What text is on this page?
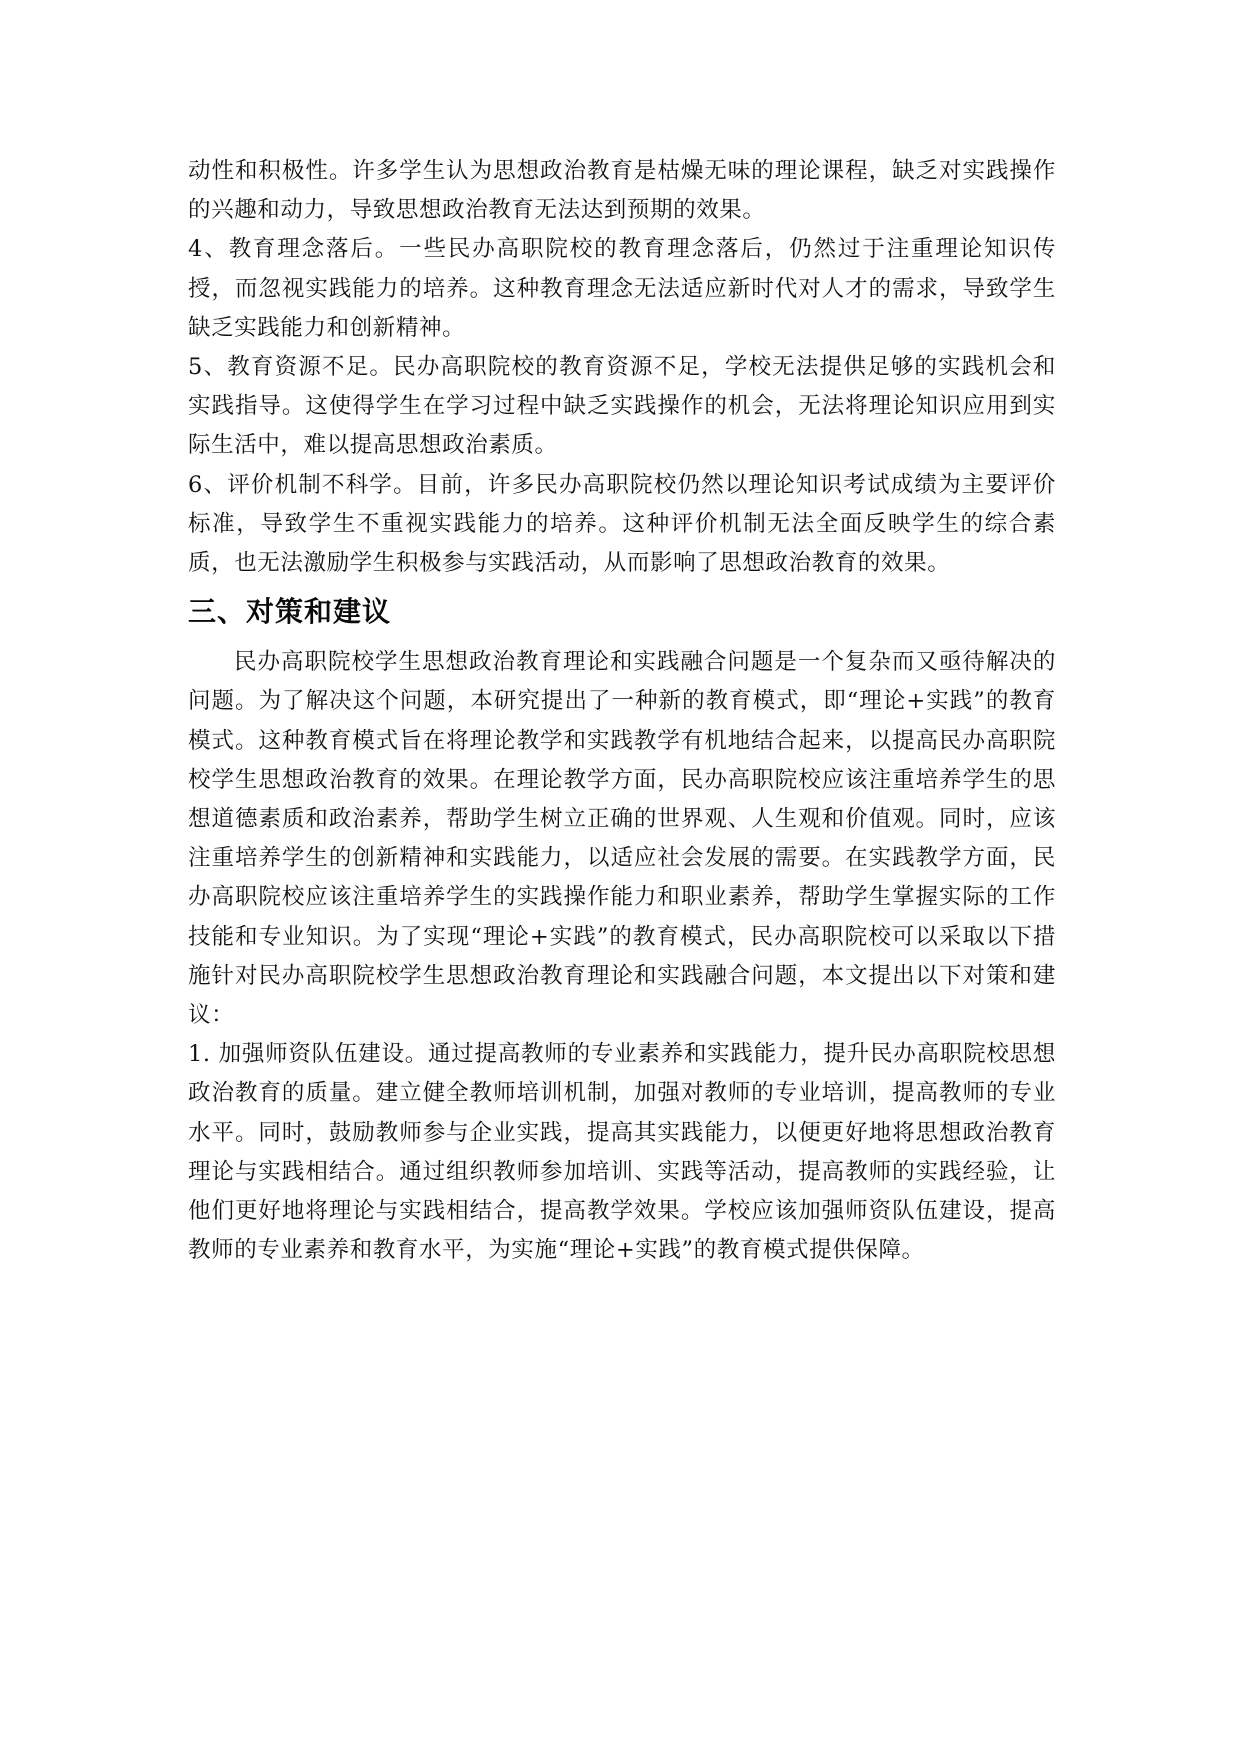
动性和积极性。许多学生认为思想政治教育是枯燥无味的理论课程，缺乏对实践操作的兴趣和动力，导致思想政治教育无法达到预期的效果。

4、教育理念落后。一些民办高职院校的教育理念落后，仍然过于注重理论知识传授，而忽视实践能力的培养。这种教育理念无法适应新时代对人才的需求，导致学生缺乏实践能力和创新精神。

5、教育资源不足。民办高职院校的教育资源不足，学校无法提供足够的实践机会和实践指导。这使得学生在学习过程中缺乏实践操作的机会，无法将理论知识应用到实际生活中，难以提高思想政治素质。

6、评价机制不科学。目前，许多民办高职院校仍然以理论知识考试成绩为主要评价标准，导致学生不重视实践能力的培养。这种评价机制无法全面反映学生的综合素质，也无法激励学生积极参与实践活动，从而影响了思想政治教育的效果。

三、对策和建议

民办高职院校学生思想政治教育理论和实践融合问题是一个复杂而又亟待解决的问题。为了解决这个问题，本研究提出了一种新的教育模式，即“理论+实践”的教育模式。这种教育模式旨在将理论教学和实践教学有机地结合起来，以提高民办高职院校学生思想政治教育的效果。在理论教学方面，民办高职院校应该注重培养学生的思想道德素质和政治素养，帮助学生树立正确的世界观、人生观和价值观。同时，应该注重培养学生的创新精神和实践能力，以适应社会发展的需要。在实践教学方面，民办高职院校应该注重培养学生的实践操作能力和职业素养，帮助学生掌握实际的工作技能和专业知识。为了实现“理论+实践”的教育模式，民办高职院校可以采取以下措施针对民办高职院校学生思想政治教育理论和实践融合问题，本文提出以下对策和建议：

1. 加强师资队伍建设。通过提高教师的专业素养和实践能力，提升民办高职院校思想政治教育的质量。建立健全教师培训机制，加强对教师的专业培训，提高教师的专业水平。同时，鼓励教师参与企业实践，提高其实践能力，以便更好地将思想政治教育理论与实践相结合。通过组织教师参加培训、实践等活动，提高教师的实践经验，让他们更好地将理论与实践相结合，提高教学效果。学校应该加强师资队伍建设，提高教师的专业素养和教育水平，为实施“理论+实践”的教育模式提供保障。
